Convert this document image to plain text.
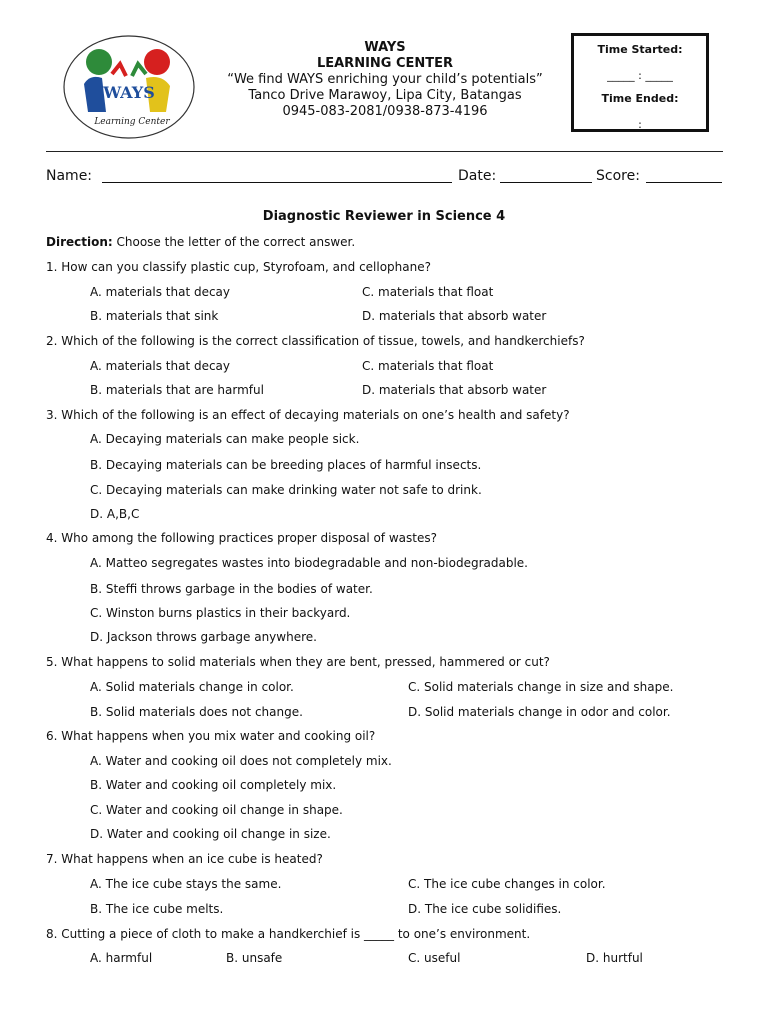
WAYS
Learning Center
WAYS
LEARNING CENTER
“We find WAYS enriching your child’s potentials”
Tanco Drive Marawoy, Lipa City, Batangas
0945-083-2081/0938-873-4196
Time Started:
_____ : _____
Time Ended:
_____ : _____
Name:	Date:	Score:
Diagnostic Reviewer in Science 4
Direction: Choose the letter of the correct answer.
1. How can you classify plastic cup, Styrofoam, and cellophane?
A. materials that decay	C. materials that float
B. materials that sink	D. materials that absorb water
2. Which of the following is the correct classification of tissue, towels, and handkerchiefs?
A. materials that decay	C. materials that float
B. materials that are harmful	D. materials that absorb water
3. Which of the following is an effect of decaying materials on one’s health and safety?
A. Decaying materials can make people sick.
B. Decaying materials can be breeding places of harmful insects.
C. Decaying materials can make drinking water not safe to drink.
D. A,B,C
4. Who among the following practices proper disposal of wastes?
A. Matteo segregates wastes into biodegradable and non-biodegradable.
B. Steffi throws garbage in the bodies of water.
C. Winston burns plastics in their backyard.
D. Jackson throws garbage anywhere.
5. What happens to solid materials when they are bent, pressed, hammered or cut?
A. Solid materials change in color.	C. Solid materials change in size and shape.
B. Solid materials does not change.	D. Solid materials change in odor and color.
6. What happens when you mix water and cooking oil?
A. Water and cooking oil does not completely mix.
B. Water and cooking oil completely mix.
C. Water and cooking oil change in shape.
D. Water and cooking oil change in size.
7. What happens when an ice cube is heated?
A. The ice cube stays the same.	C. The ice cube changes in color.
B. The ice cube melts.	D. The ice cube solidifies.
8. Cutting a piece of cloth to make a handkerchief is _____ to one’s environment.
A. harmful	B. unsafe	C. useful	D. hurtful
